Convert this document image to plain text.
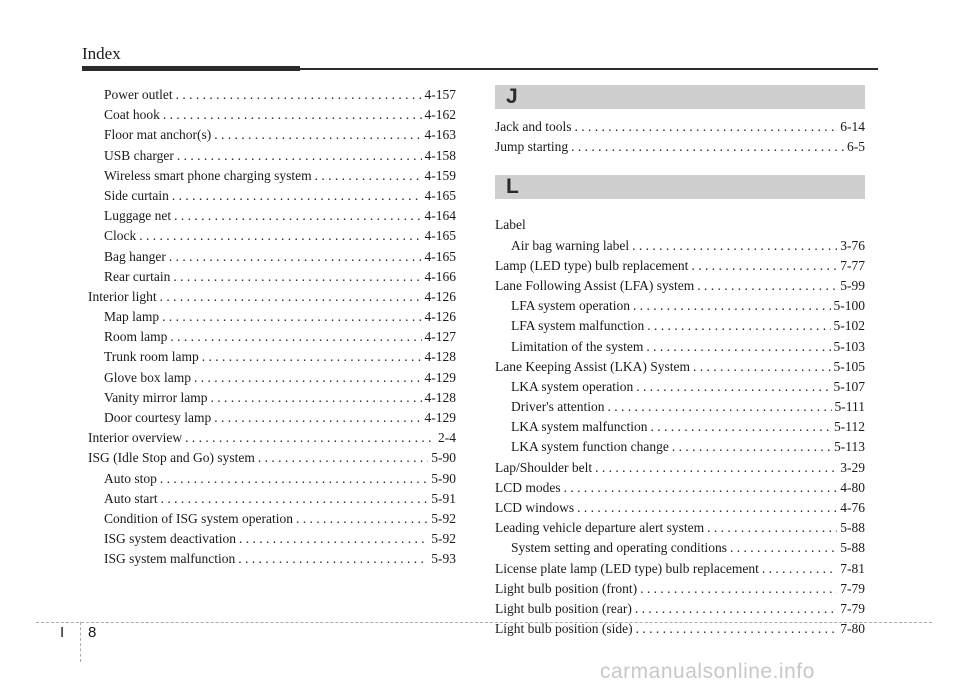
Index
Power outlet . . .	4-157
Coat hook . . .	4-162
Floor mat anchor(s) . . .	4-163
USB charger . . .	4-158
Wireless smart phone charging system . . .	4-159
Side curtain . . .	4-165
Luggage net . . .	4-164
Clock . . .	4-165
Bag hanger . . .	4-165
Rear curtain . . .	4-166
Interior light . . .	4-126
Map lamp . . .	4-126
Room lamp . . .	4-127
Trunk room lamp . . .	4-128
Glove box lamp . . .	4-129
Vanity mirror lamp . . .	4-128
Door courtesy lamp . . .	4-129
Interior overview . . .	2-4
ISG (Idle Stop and Go) system . . .	5-90
Auto stop . . .	5-90
Auto start . . .	5-91
Condition of ISG system operation . . .	5-92
ISG system deactivation . . .	5-92
ISG system malfunction . . .	5-93
J
Jack and tools . . .	6-14
Jump starting . . .	6-5
L
Label
Air bag warning label . . .	3-76
Lamp (LED type) bulb replacement . . .	7-77
Lane Following Assist (LFA) system . . .	5-99
LFA system operation . . .	5-100
LFA system malfunction . . .	5-102
Limitation of the system . . .	5-103
Lane Keeping Assist (LKA) System . . .	5-105
LKA system operation . . .	5-107
Driver's attention . . .	5-111
LKA system malfunction . . .	5-112
LKA system function change . . .	5-113
Lap/Shoulder belt . . .	3-29
LCD modes . . .	4-80
LCD windows . . .	4-76
Leading vehicle departure alert system . . .	5-88
System setting and operating conditions . . .	5-88
License plate lamp (LED type) bulb replacement . . .	7-81
Light bulb position (front) . . .	7-79
Light bulb position (rear) . . .	7-79
Light bulb position (side) . . .	7-80
I 8
carmanualsonline.info
